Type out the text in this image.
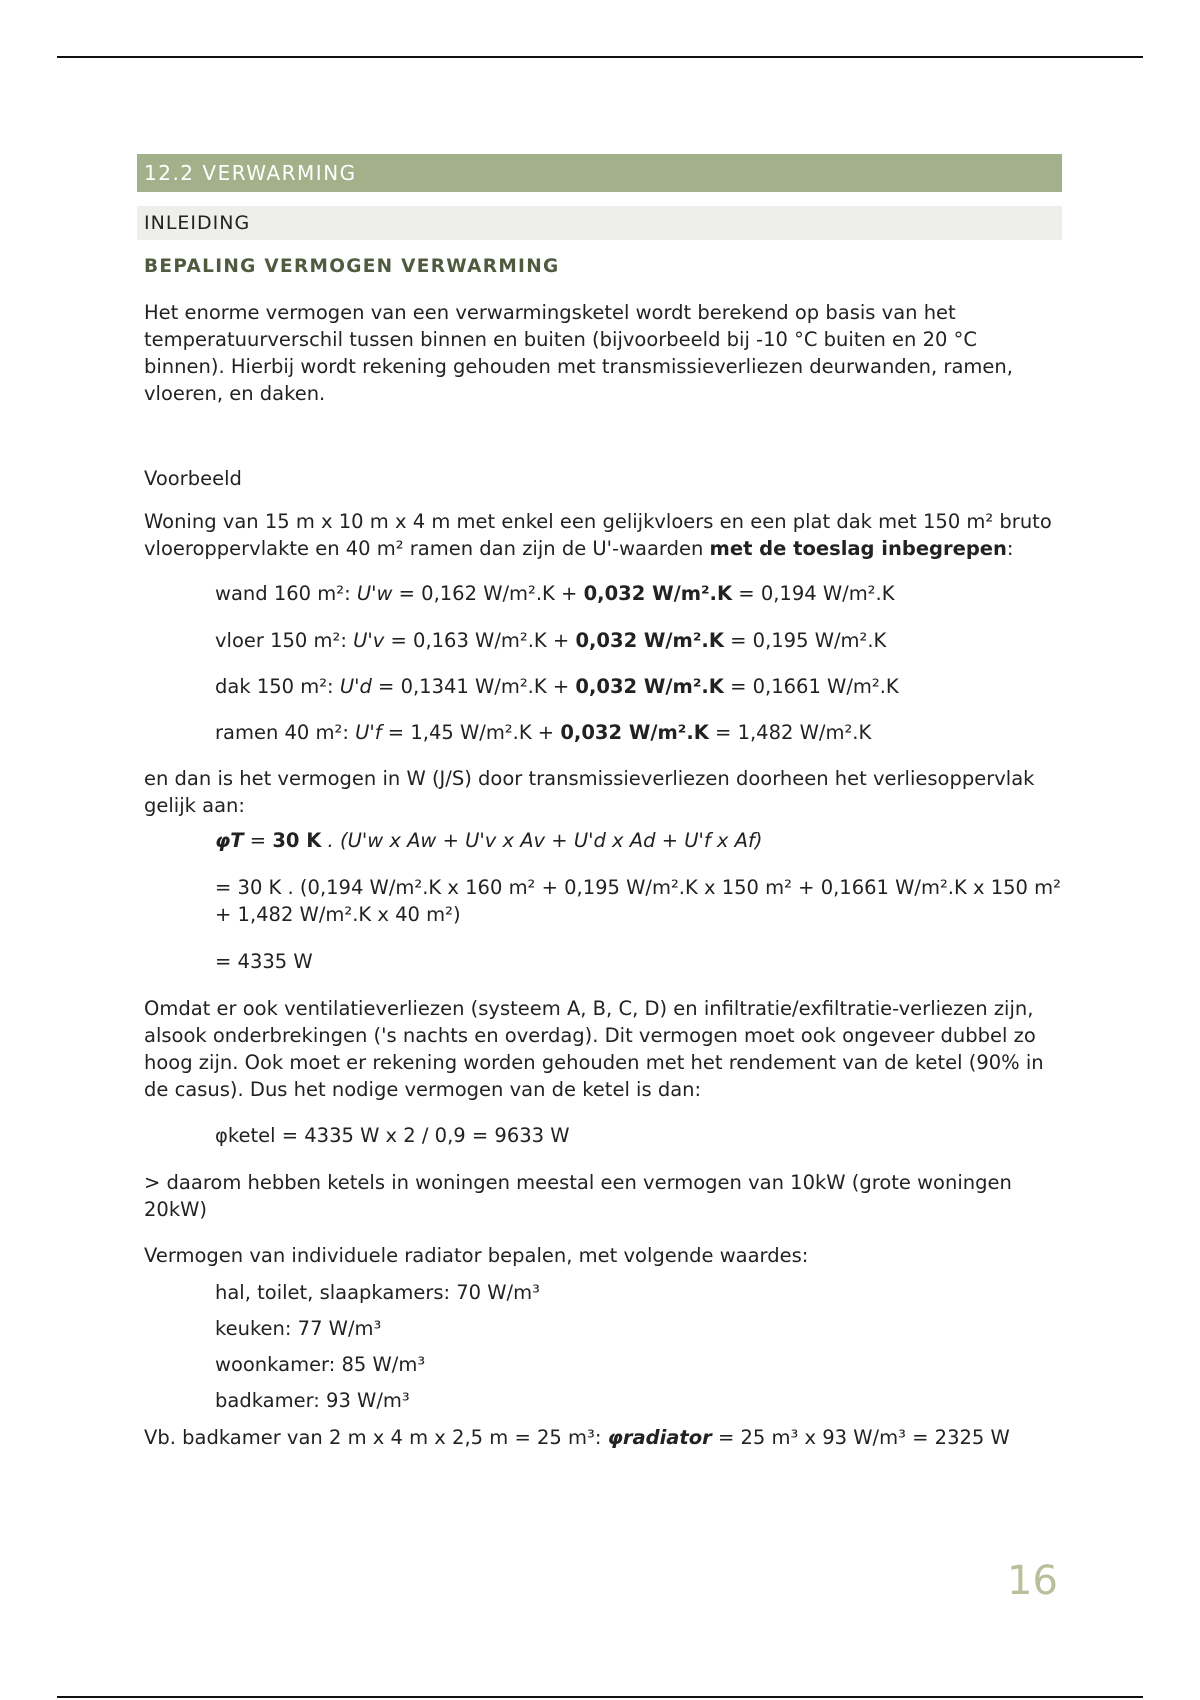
12.2 VERWARMING
INLEIDING
BEPALING VERMOGEN VERWARMING

Het enorme vermogen van een verwarmingsketel wordt berekend op basis van het temperatuurverschil tussen binnen en buiten (bijvoorbeeld bij -10 °C buiten en 20 °C binnen). Hierbij wordt rekening gehouden met transmissieverliezen deurwanden, ramen, vloeren, en daken.

Voorbeeld

Woning van 15 m x 10 m x 4 m met enkel een gelijkvloers en een plat dak met 150 m² bruto vloeroppervlakte en 40 m² ramen dan zijn de U'-waarden met de toeslag inbegrepen:

wand 160 m²: U'w = 0,162 W/m².K + 0,032 W/m².K = 0,194 W/m².K

vloer 150 m²: U'v = 0,163 W/m².K + 0,032 W/m².K = 0,195 W/m².K

dak 150 m²: U'd = 0,1341 W/m².K + 0,032 W/m².K = 0,1661 W/m².K

ramen 40 m²: U'f = 1,45 W/m².K + 0,032 W/m².K = 1,482 W/m².K

en dan is het vermogen in W (J/S) door transmissieverliezen doorheen het verliesoppervlak gelijk aan:

φT = 30 K . (U'w x Aw + U'v x Av + U'd x Ad + U'f x Af)

= 30 K . (0,194 W/m².K x 160 m² + 0,195 W/m².K x 150 m² + 0,1661 W/m².K x 150 m² + 1,482 W/m².K x 40 m²)

= 4335 W

Omdat er ook ventilatieverliezen (systeem A, B, C, D) en infiltratie/exfiltratie-verliezen zijn, alsook onderbrekingen ('s nachts en overdag). Dit vermogen moet ook ongeveer dubbel zo hoog zijn. Ook moet er rekening worden gehouden met het rendement van de ketel (90% in de casus). Dus het nodige vermogen van de ketel is dan:

φketel = 4335 W x 2 / 0,9 = 9633 W

> daarom hebben ketels in woningen meestal een vermogen van 10kW (grote woningen 20kW)

Vermogen van individuele radiator bepalen, met volgende waardes:

hal, toilet, slaapkamers: 70 W/m³

keuken: 77 W/m³

woonkamer: 85 W/m³

badkamer: 93 W/m³

Vb. badkamer van 2 m x 4 m x 2,5 m = 25 m³: φradiator = 25 m³ x 93 W/m³ = 2325 W

16
